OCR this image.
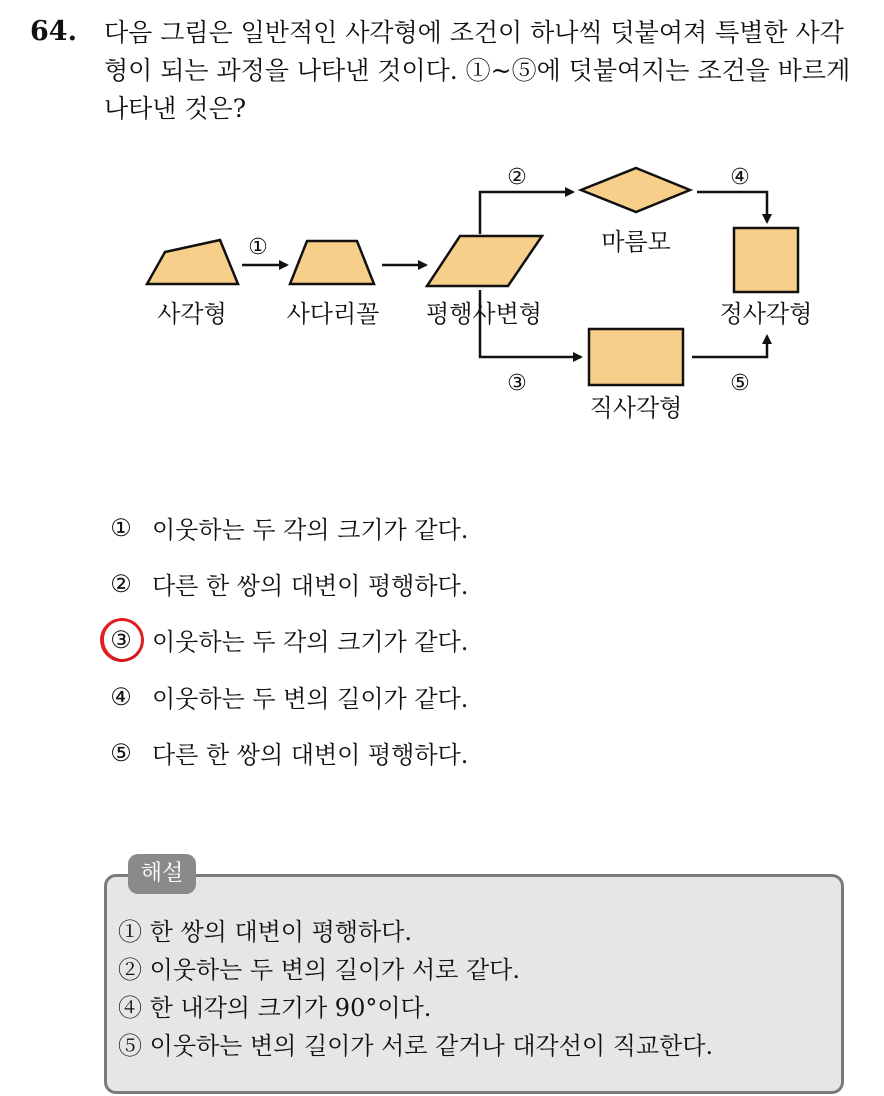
64. 다음 그림은 일반적인 사각형에 조건이 하나씩 덧붙여져 특별한 사각
형이 되는 과정을 나타낸 것이다. ①~⑤에 덧붙여지는 조건을 바르게
나타낸 것은?
사각형
①
사다리꼴 평행사변형
②
마름모
④
정사각형
③
직사각형
⑤
① 이웃하는 두 각의 크기가 같다.
② 다른 한 쌍의 대변이 평행하다.
③ 이웃하는 두 각의 크기가 같다.
④ 이웃하는 두 변의 길이가 같다.
⑤ 다른 한 쌍의 대변이 평행하다.
해설
① 한 쌍의 대변이 평행하다.
② 이웃하는 두 변의 길이가 서로 같다.
④ 한 내각의 크기가 90°이다.
⑤ 이웃하는 변의 길이가 서로 같거나 대각선이 직교한다.
